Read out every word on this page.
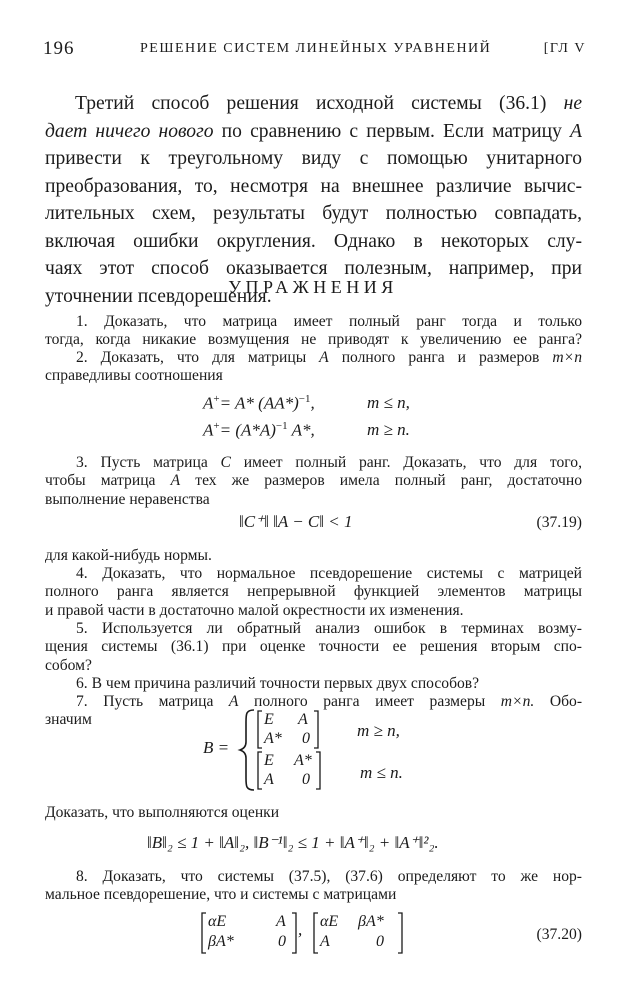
196	РЕШЕНИЕ СИСТЕМ ЛИНЕЙНЫХ УРАВНЕНИЙ	[ГЛ V
Третий способ решения исходной системы (36.1) не
дает ничего нового по сравнению с первым. Если матрицу A
привести к треугольному виду с помощью унитарного
преобразования, то, несмотря на внешнее различие вычис-
лительных схем, результаты будут полностью совпадать,
включая ошибки округления. Однако в некоторых слу-
чаях этот способ оказывается полезным, например, при
уточнении псевдорешения.
УПРАЖНЕНИЯ
1. Доказать, что матрица имеет полный ранг тогда и только
тогда, когда никакие возмущения не приводят к увеличению ее ранга?
2. Доказать, что для матрицы A полного ранга и размеров m×n
справедливы соотношения
A+= A* $(AA*)^{-1}$,	m ≤ n,
$A^+= (A*A)^{-1}$ A*,	m ≥ n.
3. Пусть матрица C имеет полный ранг. Доказать, что для того,
чтобы матрица A тех же размеров имела полный ранг, достаточно
выполнение неравенства
‖C⁺‖ ‖A − C‖ < 1	(37.19)
для какой-нибудь нормы.
4. Доказать, что нормальное псевдорешение системы с матрицей
полного ранга является непрерывной функцией элементов матрицы
и правой части в достаточно малой окрестности их изменения.
5. Используется ли обратный анализ ошибок в терминах возму-
щения системы (36.1) при оценке точности ее решения вторым спо-
собом?
6. В чем причина различий точности первых двух способов?
7. Пусть матрица A полного ранга имеет размеры m×n. Обо-
значим
B =
E A
A* 0
E A*
A 0
m ≥ n,
m ≤ n.
Доказать, что выполняются оценки
‖B‖₂ ≤ 1 + ‖A‖₂, ‖B⁻¹‖₂ ≤ 1 + ‖A⁺‖₂ + ‖A⁺‖²₂.
8. Доказать, что системы (37.5), (37.6) определяют то же нор-
мальное псевдорешение, что и системы с матрицами
αE	A
βA*	0
, αE βA*
A	0	(37.20)
